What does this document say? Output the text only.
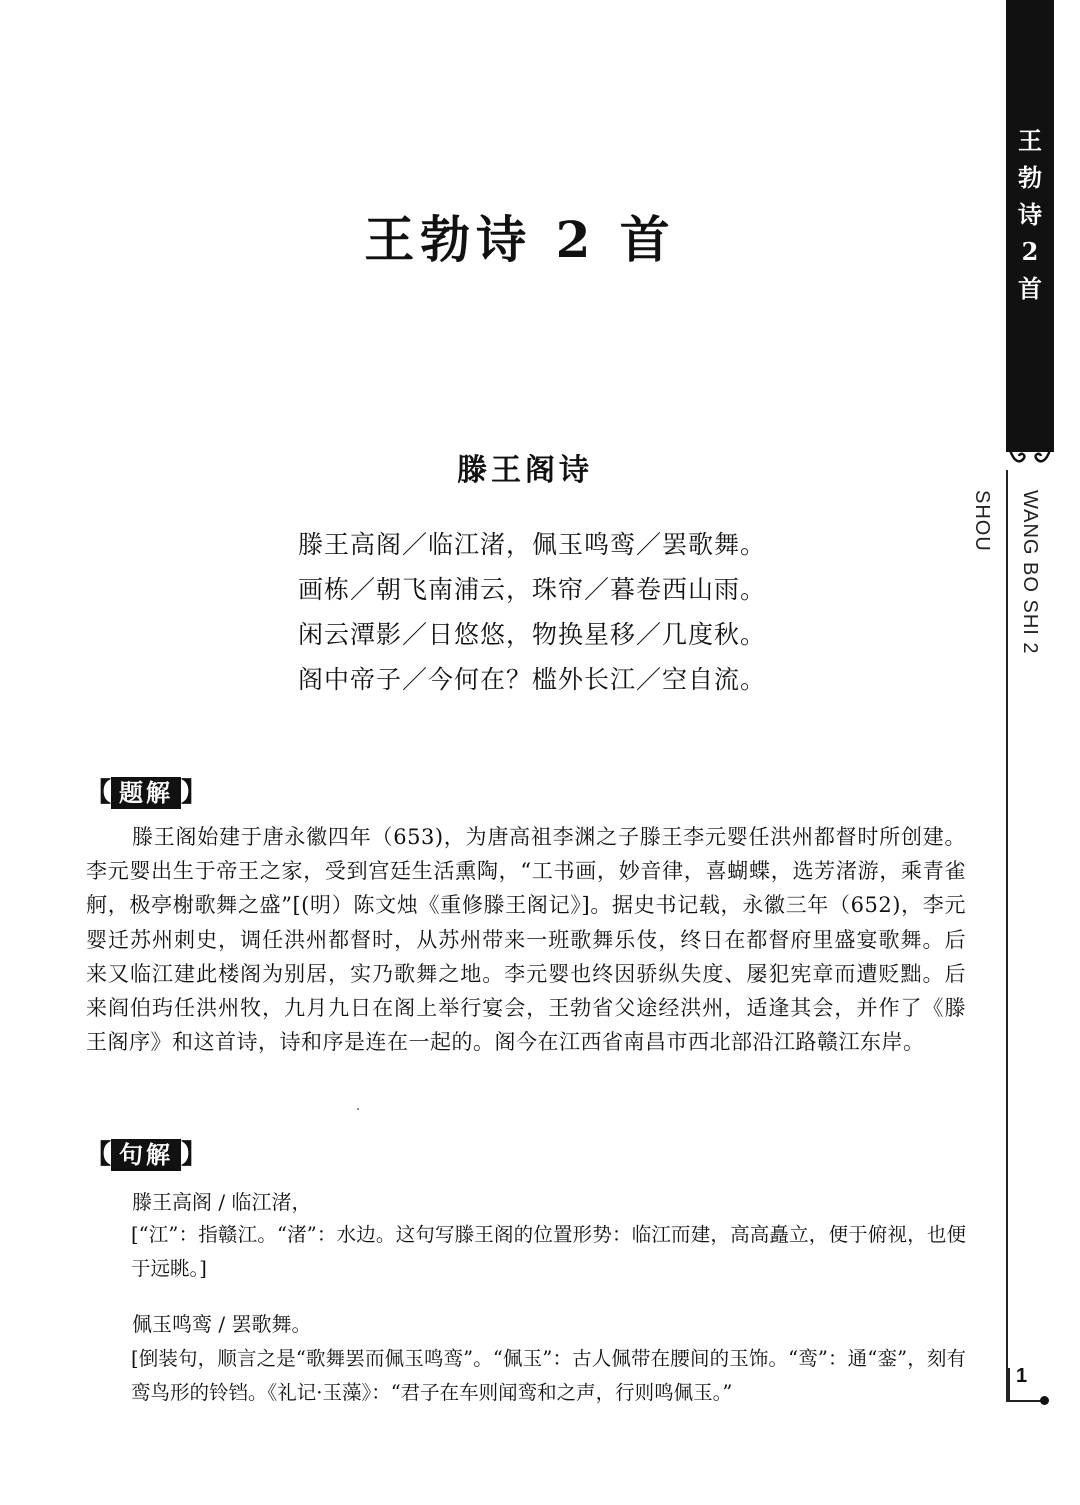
王勃诗 2 首
滕王阁诗
滕王高阁／临江渚，佩玉鸣鸾／罢歌舞。
画栋／朝飞南浦云，珠帘／暮卷西山雨。
闲云潭影／日悠悠，物换星移／几度秋。
阁中帝子／今何在？槛外长江／空自流。
【 题解 】
滕王阁始建于唐永徽四年（653)，为唐高祖李渊之子滕王李元婴任洪州都督时所创建。李元婴出生于帝王之家，受到宫廷生活熏陶，“工书画，妙音律，喜蝴蝶，选芳渚游，乘青雀舸，极亭榭歌舞之盛”[(明）陈文烛《重修滕王阁记》]。据史书记载，永徽三年（652)，李元婴迁苏州刺史，调任洪州都督时，从苏州带来一班歌舞乐伎，终日在都督府里盛宴歌舞。后来又临江建此楼阁为别居，实乃歌舞之地。李元婴也终因骄纵失度、屡犯宪章而遭贬黜。后来阎伯玙任洪州牧，九月九日在阁上举行宴会，王勃省父途经洪州，适逢其会，并作了《滕王阁序》和这首诗，诗和序是连在一起的。阁今在江西省南昌市西北部沿江路赣江东岸。
【 句解 】
滕王高阁 / 临江渚，
[“江”：指赣江。“渚”：水边。这句写滕王阁的位置形势：临江而建，高高矗立，便于俯视，也便于远眺。]
佩玉鸣鸾 / 罢歌舞。
[倒装句，顺言之是“歌舞罢而佩玉鸣鸾”。“佩玉”：古人佩带在腰间的玉饰。“鸾”：通“銮”，刻有鸾鸟形的铃铛。《礼记·玉藻》：“君子在车则闻鸾和之声，行则鸣佩玉。”
王
勃
诗
2
首
WANG BO SHI 2 SHOU
1
